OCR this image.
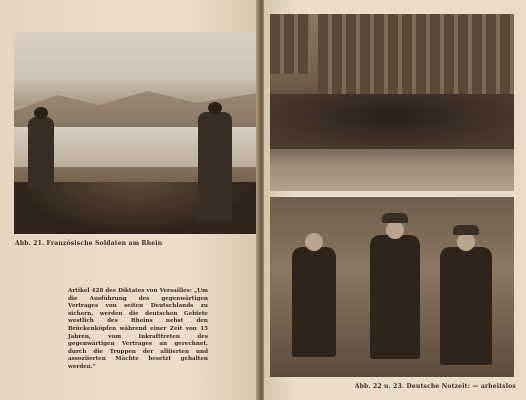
Abb. 21. Französische Soldaten am Rhein
Artikel 428 des Diktates von Versailles: „Um die Ausführung des gegenwärtigen Vertrages von seiten Deutschlands zu sichern, werden die deutschen Gebiete westlich des Rheins nebst den Brückenköpfen während einer Zeit von 15 Jahren, vom Inkrafttreten des gegenwärtigen Vertrages an gerechnet, durch die Truppen der alliierten und assoziierten Mächte besetzt gehalten werden.“
Abb. 22 u. 23. Deutsche Notzeit: — arbeitslos
